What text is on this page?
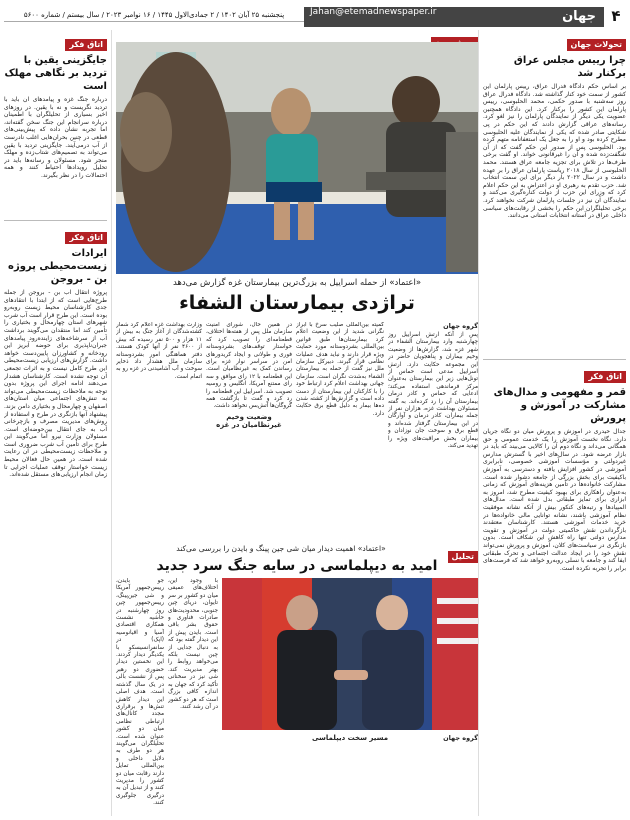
۴
جهان
Jahan@etemadnewspaper.ir
پنجشنبه ۲۵ آبان ۱۴۰۲ / ۲ جمادی‌الاول ۱۴۴۵ / ۱۶ نوامبر ۲۰۲۳ / سال بیستم / شماره ۵۶۰۰
تحولات جهان
چرا رییس مجلس عراق برکنار شد
بر اساس حکم دادگاه فدرال عراق، رییس پارلمان این کشور از سمت خود کنار گذاشته شد. دادگاه فدرال عراق روز سه‌شنبه با صدور حکمی، محمد الحلبوسی، رییس پارلمان این کشور را برکنار کرد. این دادگاه همچنین عضویت یکی دیگر از نمایندگان پارلمان را نیز لغو کرد. رسانه‌های عراقی گزارش دادند که این حکم در پی شکایتی صادر شده که یکی از نمایندگان علیه الحلبوسی مطرح کرده بود و او را به جعل یک استعفانامه متهم کرده بود. الحلبوسی پس از صدور این حکم گفت که از آن شگفت‌زده شده و آن را غیرقانونی خواند. او گفت برخی طرف‌ها در تلاش برای تجزیه جامعه عراق هستند. محمد الحلبوسی از سال ۲۰۱۸ ریاست پارلمان عراق را بر عهده داشت و در سال ۲۰۲۲ بار دیگر برای این سمت انتخاب شد. حزب تقدم به رهبری او در اعتراض به این حکم اعلام کرد که وزرای این حزب از دولت کناره‌گیری می‌کنند و نمایندگان آن نیز در جلسات پارلمان شرکت نخواهند کرد. برخی تحلیلگران این حکم را بخشی از رقابت‌های سیاسی داخلی عراق در آستانه انتخابات استانی می‌دانند.
اتاق فکر
قمر و مفهومی و مدال‌های مشارکت در آموزش و پرورش
جدال حیدری در آموزش و پرورش میان دو نگاه جریان دارد. نگاه نخست آموزش را یک خدمت عمومی و حق همگانی می‌داند و نگاه دوم آن را کالایی می‌بیند که باید در بازار عرضه شود. در سال‌های اخیر با گسترش مدارس غیردولتی و مؤسسات آموزشی خصوصی، نابرابری آموزشی در کشور افزایش یافته و دسترسی به آموزش باکیفیت برای بخش بزرگی از جامعه دشوار شده است. مشارکت خانواده‌ها در تأمین هزینه‌های آموزش که زمانی به‌عنوان راهکاری برای بهبود کیفیت مطرح شد، امروز به ابزاری برای تمایز طبقاتی بدل شده است. مدال‌های المپیادها و رتبه‌های کنکور بیش از آنکه نشانه موفقیت نظام آموزشی باشند، نشانه توانایی مالی خانواده‌ها در خرید خدمات آموزشی هستند. کارشناسان معتقدند بازگرداندن نقش حاکمیتی دولت در آموزش و تقویت مدارس دولتی تنها راه کاهش این شکاف است. بدون بازنگری در سیاست‌های کلان، آموزش و پرورش نمی‌تواند نقش خود را در ایجاد عدالت اجتماعی و تحرک طبقاتی ایفا کند و جامعه با نسلی روبه‌رو خواهد شد که فرصت‌های برابر را تجربه نکرده است.
اتاق فکر
جایگزینی یقین با تردید بر نگاهی مهلک است
درباره جنگ غزه و پیامدهای آن باید با تردید نگریست و نه با یقین. در روزهای اخیر بسیاری از تحلیلگران با اطمینان درباره سرانجام این جنگ سخن گفته‌اند، اما تجربه نشان داده که پیش‌بینی‌های قطعی در چنین بحران‌هایی اغلب نادرست از آب درمی‌آیند. جایگزینی تردید با یقین می‌تواند به تصمیم‌های شتاب‌زده و مهلک منجر شود. مسئولان و رسانه‌ها باید در تحلیل رویدادها احتیاط کنند و همه احتمالات را در نظر بگیرند.
اتاق فکر
ایرادات زیست‌محیطی پروژه بن - بروجن
پروژه انتقال آب بن - بروجن از جمله طرح‌هایی است که از ابتدا با انتقادهای جدی کارشناسان محیط زیست روبه‌رو بوده است. این طرح قرار است آب شرب شهرهای استان چهارمحال و بختیاری را تأمین کند اما منتقدان می‌گویند برداشت آب از سرشاخه‌های زاینده‌رود پیامدهای جبران‌ناپذیری برای حوضه آبریز این رودخانه و کشاورزان پایین‌دست خواهد داشت. گزارش‌های ارزیابی زیست‌محیطی این طرح کامل نیست و به اثرات تجمعی آن توجه نشده است. کارشناسان هشدار می‌دهند ادامه اجرای این پروژه بدون توجه به ملاحظات زیست‌محیطی می‌تواند به تنش‌های اجتماعی میان استان‌های اصفهان و چهارمحال و بختیاری دامن بزند. پیشنهاد آنها بازنگری در طرح و استفاده از روش‌های مدیریت مصرف و بازچرخانی آب به جای انتقال بین‌حوضه‌ای است. مسئولان وزارت نیرو اما می‌گویند این طرح برای تأمین آب شرب ضروری است و ملاحظات زیست‌محیطی در آن رعایت شده است. در همین حال فعالان محیط زیست خواستار توقف عملیات اجرایی تا زمان انجام ارزیابی‌های مستقل شده‌اند.
«اعتماد» از حمله اسراییل به بزرگ‌ترین بیمارستان غزه گزارش می‌دهد
تراژدی بیمارستان الشفاء
گروه جهان
پس از آنکه ارتش اسراییل روز چهارشنبه وارد بیمارستان الشفاء در شهر غزه شد، گزارش‌ها از وضعیت وخیم بیماران و پناهجویان حاضر در این مجموعه حکایت دارد. ارتش اسراییل مدعی است حماس از تونل‌هایی زیر این بیمارستان به‌عنوان مرکز فرماندهی استفاده می‌کند؛ ادعایی که حماس و کادر درمان بیمارستان آن را رد کرده‌اند. به گفته مسئولان بهداشت غزه، هزاران نفر از جمله بیماران، کادر درمان و آوارگان در این بیمارستان گرفتار شده‌اند و قطع برق و سوخت جان نوزادان و بیماران بخش مراقبت‌های ویژه را تهدید می‌کند.
کمیته بین‌المللی صلیب سرخ با ابراز نگرانی شدید از این وضعیت اعلام کرد بیمارستان‌ها طبق قوانین بین‌المللی بشردوستانه مورد حمایت ویژه قرار دارند و نباید هدف عملیات نظامی قرار گیرند. دبیرکل سازمان ملل نیز گفت از حمله به بیمارستان الشفاء به‌شدت نگران است. سازمان جهانی بهداشت اعلام کرد ارتباط خود را با کارکنان این بیمارستان از دست داده است و گزارش‌ها از کشته شدن ده‌ها بیمار به دلیل قطع برق حکایت دارد.
در همین حال، شورای امنیت سازمان ملل پس از هفته‌ها اختلاف، قطعنامه‌ای را تصویب کرد که خواستار توقف‌های بشردوستانه فوری و طولانی و ایجاد کریدورهای امن در سراسر نوار غزه برای رساندن کمک به غیرنظامیان است. این قطعنامه با ۱۲ رای موافق و سه رای ممتنع آمریکا، انگلیس و روسیه تصویب شد. اسراییل این قطعنامه را رد کرد و گفت تا بازگشت همه گروگان‌ها آتش‌بس نخواهد داشت.
وضعیت وخیم غیرنظامیان در غزه
وزارت بهداشت غزه اعلام کرد شمار کشته‌شدگان از آغاز جنگ به بیش از ۱۱ هزار و ۵۰۰ نفر رسیده که بیش از ۴۶۰۰ نفر از آنها کودک هستند. دفتر هماهنگی امور بشردوستانه سازمان ملل هشدار داد ذخایر سوخت و آب آشامیدنی در غزه رو به اتمام است.
تحلیل
«اعتماد» اهمیت دیدار میان شی جین پینگ و بایدن را بررسی می‌کند
امید به دیپلماسی در سایه جنگ سرد جدید
با وجود این، اختلاف‌های عمیقی میان دو کشور بر سر تایوان، دریای چین جنوبی، محدودیت‌های صادرات فناوری و حقوق بشر باقی است. بایدن پیش از این دیدار گفته بود که به دنبال جدایی از چین نیست بلکه می‌خواهد روابط را بهتر مدیریت کند. شی نیز در سخنانی تأکید کرد که جهان به اندازه کافی بزرگ است که هر دو کشور در آن رشد کنند.
جو بایدن، رییس‌جمهور آمریکا و شی جین‌پینگ، رییس‌جمهور چین روز چهارشنبه در حاشیه نشست همکاری اقتصادی آسیا و اقیانوسیه (اپک) در سانفرانسیسکو با یکدیگر دیدار کردند. این نخستین دیدار حضوری دو رهبر پس از نشست بالی در یک سال گذشته است. هدف اصلی این دیدار کاهش تنش‌ها و برقراری مجدد کانال‌های ارتباطی نظامی میان دو کشور عنوان شده است. تحلیلگران می‌گویند هر دو طرف به دلایل داخلی و بین‌المللی تمایل دارند رقابت میان دو کشور را مدیریت کنند و از تبدیل آن به درگیری جلوگیری کنند.
گروه جهان
مسیر سخت دیپلماسی
